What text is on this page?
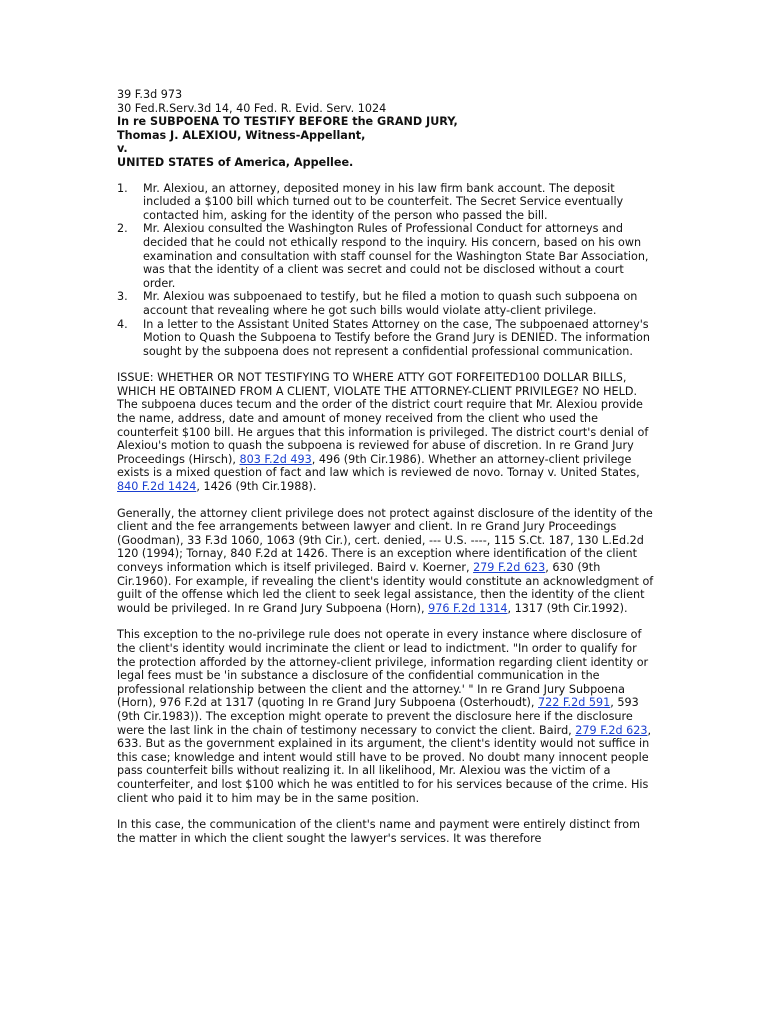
39 F.3d 973

30 Fed.R.Serv.3d 14, 40 Fed. R. Evid. Serv. 1024

In re SUBPOENA TO TESTIFY BEFORE the GRAND JURY,

Thomas J. ALEXIOU, Witness-Appellant,

v.

UNITED STATES of America, Appellee.

1. Mr. Alexiou, an attorney, deposited money in his law firm bank account. The deposit included a $100 bill which turned out to be counterfeit. The Secret Service eventually contacted him, asking for the identity of the person who passed the bill.
2. Mr. Alexiou consulted the Washington Rules of Professional Conduct for attorneys and decided that he could not ethically respond to the inquiry. His concern, based on his own examination and consultation with staff counsel for the Washington State Bar Association, was that the identity of a client was secret and could not be disclosed without a court order.
3. Mr. Alexiou was subpoenaed to testify, but he filed a motion to quash such subpoena on account that revealing where he got such bills would violate atty-client privilege.
4. In a letter to the Assistant United States Attorney on the case, The subpoenaed attorney's Motion to Quash the Subpoena to Testify before the Grand Jury is DENIED. The information sought by the subpoena does not represent a confidential professional communication.

ISSUE: WHETHER OR NOT TESTIFYING TO WHERE ATTY GOT FORFEITED100 DOLLAR BILLS, WHICH HE OBTAINED FROM A CLIENT, VIOLATE THE ATTORNEY-CLIENT PRIVILEGE? NO HELD.

The subpoena duces tecum and the order of the district court require that Mr. Alexiou provide the name, address, date and amount of money received from the client who used the counterfeit $100 bill. He argues that this information is privileged. The district court's denial of Alexiou's motion to quash the subpoena is reviewed for abuse of discretion. In re Grand Jury Proceedings (Hirsch), 803 F.2d 493, 496 (9th Cir.1986). Whether an attorney-client privilege exists is a mixed question of fact and law which is reviewed de novo. Tornay v. United States, 840 F.2d 1424, 1426 (9th Cir.1988).

Generally, the attorney client privilege does not protect against disclosure of the identity of the client and the fee arrangements between lawyer and client. In re Grand Jury Proceedings (Goodman), 33 F.3d 1060, 1063 (9th Cir.), cert. denied, --- U.S. ----, 115 S.Ct. 187, 130 L.Ed.2d 120 (1994); Tornay, 840 F.2d at 1426. There is an exception where identification of the client conveys information which is itself privileged. Baird v. Koerner, 279 F.2d 623, 630 (9th Cir.1960). For example, if revealing the client's identity would constitute an acknowledgment of guilt of the offense which led the client to seek legal assistance, then the identity of the client would be privileged. In re Grand Jury Subpoena (Horn), 976 F.2d 1314, 1317 (9th Cir.1992).

This exception to the no-privilege rule does not operate in every instance where disclosure of the client's identity would incriminate the client or lead to indictment. "In order to qualify for the protection afforded by the attorney-client privilege, information regarding client identity or legal fees must be 'in substance a disclosure of the confidential communication in the professional relationship between the client and the attorney.' " In re Grand Jury Subpoena (Horn), 976 F.2d at 1317 (quoting In re Grand Jury Subpoena (Osterhoudt), 722 F.2d 591, 593 (9th Cir.1983)). The exception might operate to prevent the disclosure here if the disclosure were the last link in the chain of testimony necessary to convict the client. Baird, 279 F.2d 623, 633. But as the government explained in its argument, the client's identity would not suffice in this case; knowledge and intent would still have to be proved. No doubt many innocent people pass counterfeit bills without realizing it. In all likelihood, Mr. Alexiou was the victim of a counterfeiter, and lost $100 which he was entitled to for his services because of the crime. His client who paid it to him may be in the same position.

In this case, the communication of the client's name and payment were entirely distinct from the matter in which the client sought the lawyer's services. It was therefore
